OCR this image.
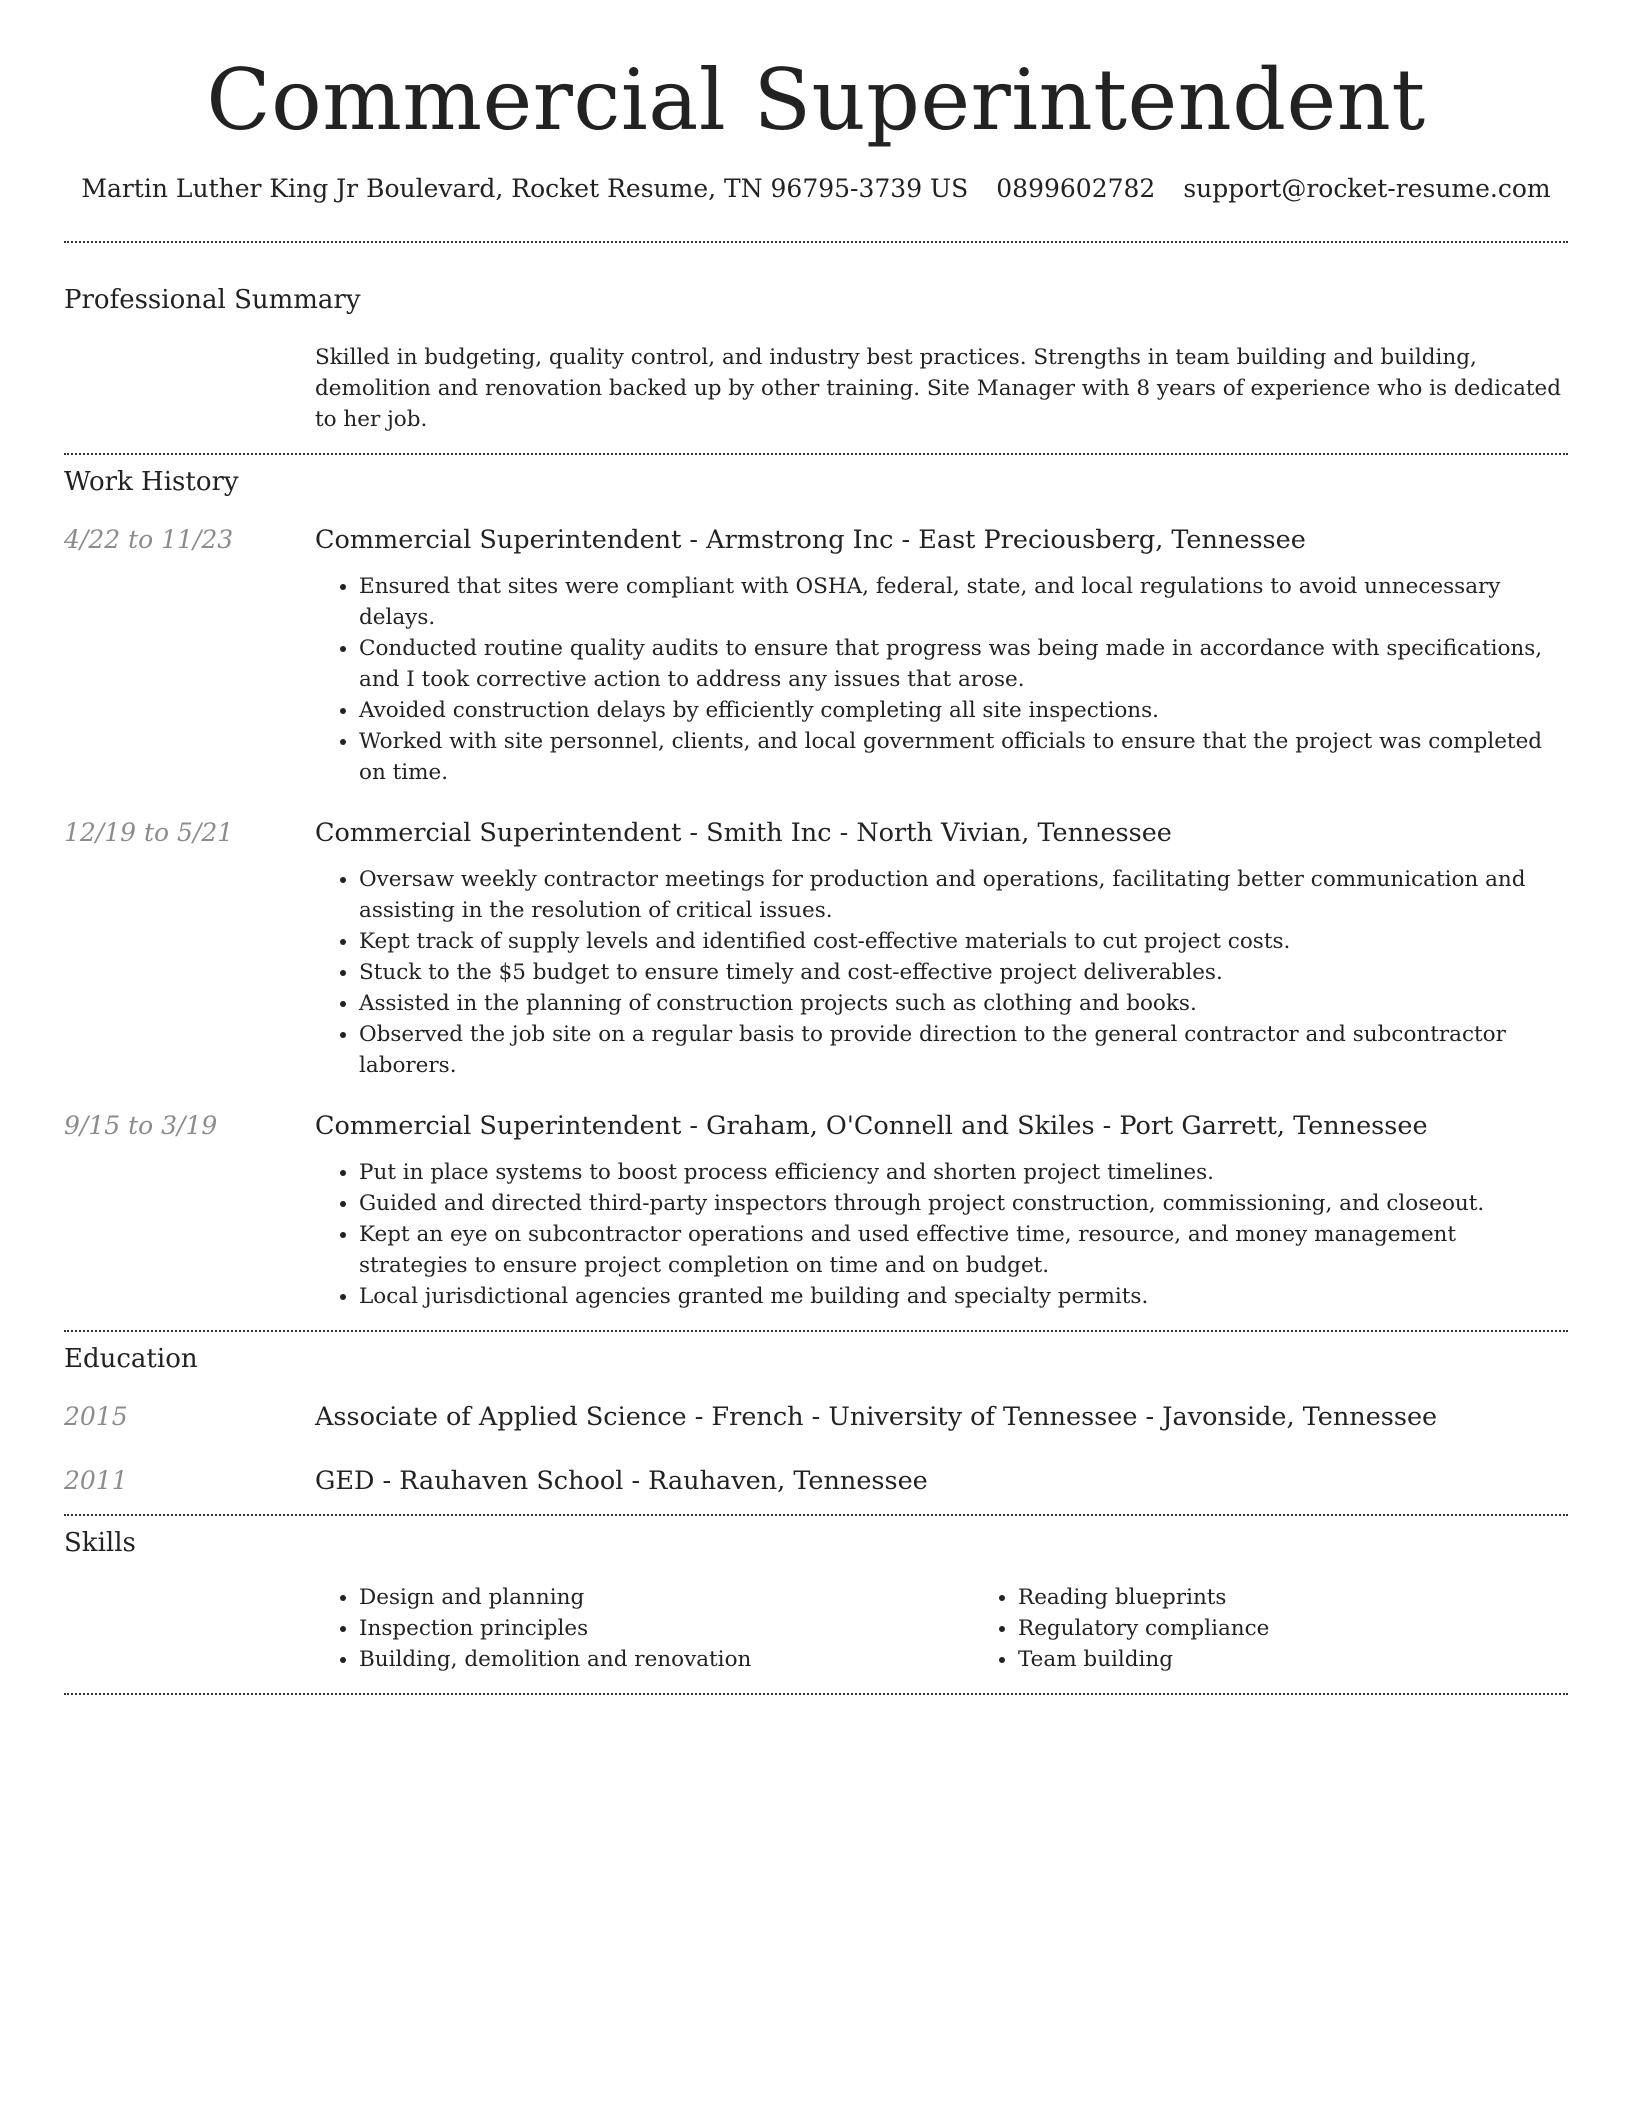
Commercial Superintendent
Martin Luther King Jr Boulevard, Rocket Resume, TN 96795-3739 US 0899602782 support@rocket-resume.com
Professional Summary
Skilled in budgeting, quality control, and industry best practices. Strengths in team building and building, demolition and renovation backed up by other training. Site Manager with 8 years of experience who is dedicated to her job.
Work History
4/22 to 11/23	Commercial Superintendent - Armstrong Inc - East Preciousberg, Tennessee
• Ensured that sites were compliant with OSHA, federal, state, and local regulations to avoid unnecessary delays.
• Conducted routine quality audits to ensure that progress was being made in accordance with specifications, and I took corrective action to address any issues that arose.
• Avoided construction delays by efficiently completing all site inspections.
• Worked with site personnel, clients, and local government officials to ensure that the project was completed on time.
12/19 to 5/21	Commercial Superintendent - Smith Inc - North Vivian, Tennessee
• Oversaw weekly contractor meetings for production and operations, facilitating better communication and assisting in the resolution of critical issues.
• Kept track of supply levels and identified cost-effective materials to cut project costs.
• Stuck to the $5 budget to ensure timely and cost-effective project deliverables.
• Assisted in the planning of construction projects such as clothing and books.
• Observed the job site on a regular basis to provide direction to the general contractor and subcontractor laborers.
9/15 to 3/19	Commercial Superintendent - Graham, O'Connell and Skiles - Port Garrett, Tennessee
• Put in place systems to boost process efficiency and shorten project timelines.
• Guided and directed third-party inspectors through project construction, commissioning, and closeout.
• Kept an eye on subcontractor operations and used effective time, resource, and money management strategies to ensure project completion on time and on budget.
• Local jurisdictional agencies granted me building and specialty permits.
Education
2015	Associate of Applied Science - French - University of Tennessee - Javonside, Tennessee
2011	GED - Rauhaven School - Rauhaven, Tennessee
Skills
• Design and planning
• Inspection principles
• Building, demolition and renovation
• Reading blueprints
• Regulatory compliance
• Team building
